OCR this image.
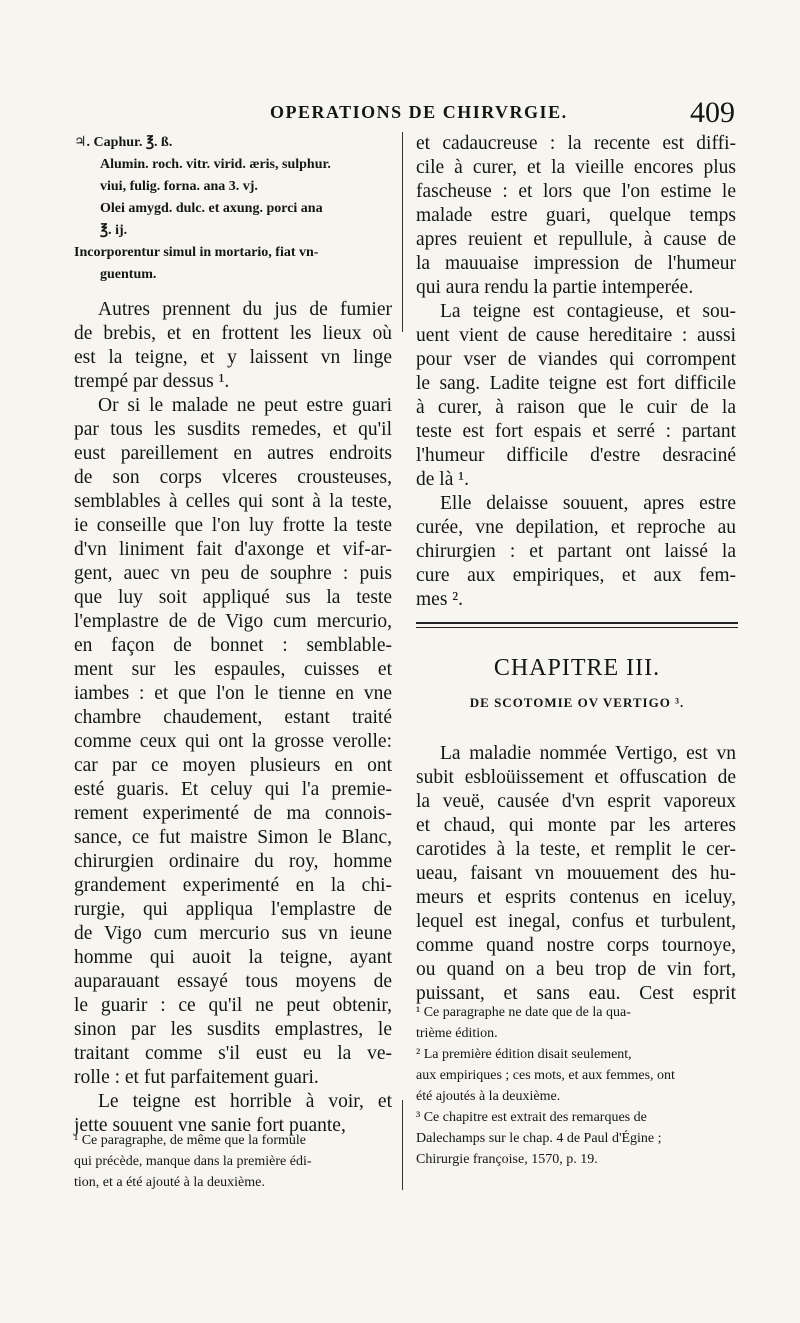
OPERATIONS DE CHIRVRGIE.	409
♃. Caphur. ℥. ß.
Alumin. roch. vitr. virid. æris, sulphur.
viui, fulig. forna. ana 3. vj.
Olei amygd. dulc. et axung. porci ana
℥. ij.
Incorporentur simul in mortario, fiat vn-
guentum.
Autres prennent du jus de fumier
de brebis, et en frottent les lieux où
est la teigne, et y laissent vn linge
trempé par dessus ¹.
Or si le malade ne peut estre guari
par tous les susdits remedes, et qu'il
eust pareillement en autres endroits
de son corps vlceres crousteuses,
semblables à celles qui sont à la teste,
ie conseille que l'on luy frotte la teste
d'vn liniment fait d'axonge et vif-ar-
gent, auec vn peu de souphre : puis
que luy soit appliqué sus la teste
l'emplastre de de Vigo cum mercurio,
en façon de bonnet : semblable-
ment sur les espaules, cuisses et
iambes : et que l'on le tienne en vne
chambre chaudement, estant traité
comme ceux qui ont la grosse verolle:
car par ce moyen plusieurs en ont
esté guaris. Et celuy qui l'a premie-
rement experimenté de ma connois-
sance, ce fut maistre Simon le Blanc,
chirurgien ordinaire du roy, homme
grandement experimenté en la chi-
rurgie, qui appliqua l'emplastre de
de Vigo cum mercurio sus vn ieune
homme qui auoit la teigne, ayant
auparauant essayé tous moyens de
le guarir : ce qu'il ne peut obtenir,
sinon par les susdits emplastres, le
traitant comme s'il eust eu la ve-
rolle : et fut parfaitement guari.
Le teigne est horrible à voir, et
jette souuent vne sanie fort puante,
¹ Ce paragraphe, de même que la formule
qui précède, manque dans la première édi-
tion, et a été ajouté à la deuxième.
et cadaucreuse : la recente est diffi-
cile à curer, et la vieille encores plus
fascheuse : et lors que l'on estime le
malade estre guari, quelque temps
apres reuient et repullule, à cause de
la mauuaise impression de l'humeur
qui aura rendu la partie intemperée.
La teigne est contagieuse, et sou-
uent vient de cause hereditaire : aussi
pour vser de viandes qui corrompent
le sang. Ladite teigne est fort difficile
à curer, à raison que le cuir de la
teste est fort espais et serré : partant
l'humeur difficile d'estre desraciné
de là ¹.
Elle delaisse souuent, apres estre
curée, vne depilation, et reproche au
chirurgien : et partant ont laissé la
cure aux empiriques, et aux fem-
mes ².
CHAPITRE III.
DE SCOTOMIE OV VERTIGO ³.
La maladie nommée Vertigo, est vn
subit esbloüissement et offuscation de
la veuë, causée d'vn esprit vaporeux
et chaud, qui monte par les arteres
carotides à la teste, et remplit le cer-
ueau, faisant vn mouuement des hu-
meurs et esprits contenus en iceluy,
lequel est inegal, confus et turbulent,
comme quand nostre corps tournoye,
ou quand on a beu trop de vin fort,
puissant, et sans eau. Cest esprit
¹ Ce paragraphe ne date que de la qua-
trième édition.
² La première édition disait seulement,
aux empiriques ; ces mots, et aux femmes, ont
été ajoutés à la deuxième.
³ Ce chapitre est extrait des remarques de
Dalechamps sur le chap. 4 de Paul d'Égine ;
Chirurgie françoise, 1570, p. 19.
